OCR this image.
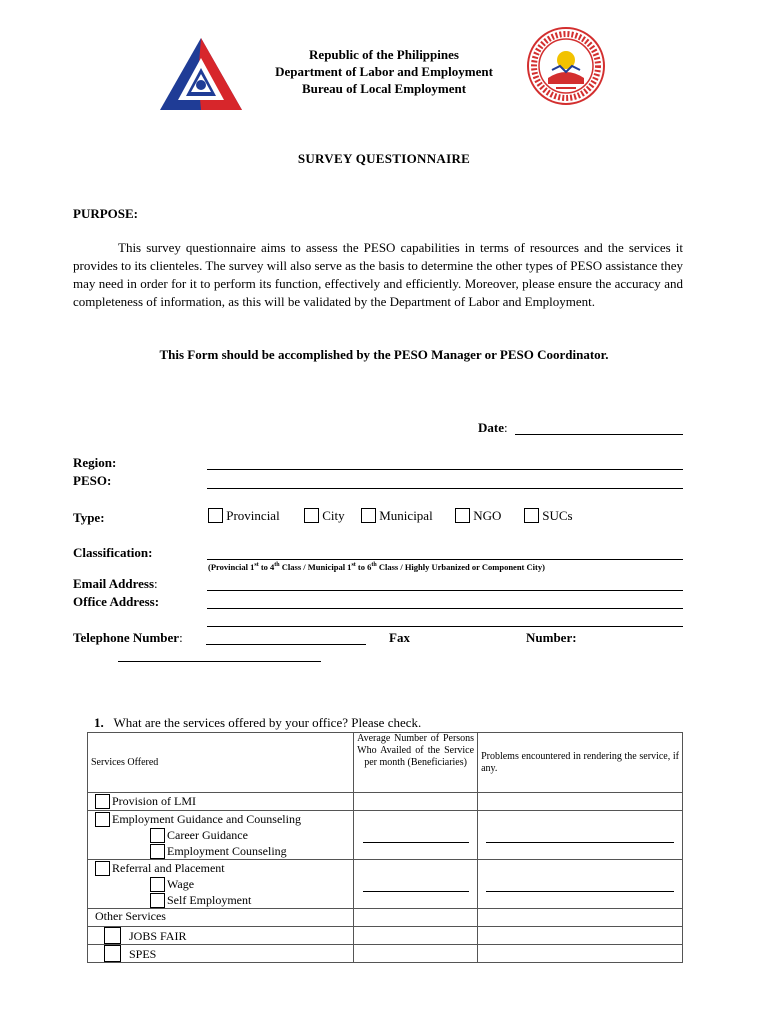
Republic of the Philippines
Department of Labor and Employment
Bureau of Local Employment
SURVEY QUESTIONNAIRE
PURPOSE:
This survey questionnaire aims to assess the PESO capabilities in terms of resources and the services it provides to its clienteles. The survey will also serve as the basis to determine the other types of PESO assistance they may need in order for it to perform its function, effectively and efficiently. Moreover, please ensure the accuracy and completeness of information, as this will be validated by the Department of Labor and Employment.
This Form should be accomplished by the PESO Manager or PESO Coordinator.
Date:
Region:
PESO:
Type:	Provincial	City	Municipal	NGO	SUCs
Classification:
(Provincial 1st to 4th Class / Municipal 1st to 6th Class / Highly Urbanized or Component City)
Email Address:
Office Address:
Telephone Number:	Fax	Number:
1. What are the services offered by your office? Please check.
Services Offered	Average Number of Persons Who Availed of the Service per month (Beneficiaries)	Problems encountered in rendering the service, if any.

Provision of LMI		

Employment Guidance and Counseling
Career Guidance
Employment Counseling		

Referral and Placement
Wage
Self Employment		

Other Services		

JOBS FAIR		

SPES		
